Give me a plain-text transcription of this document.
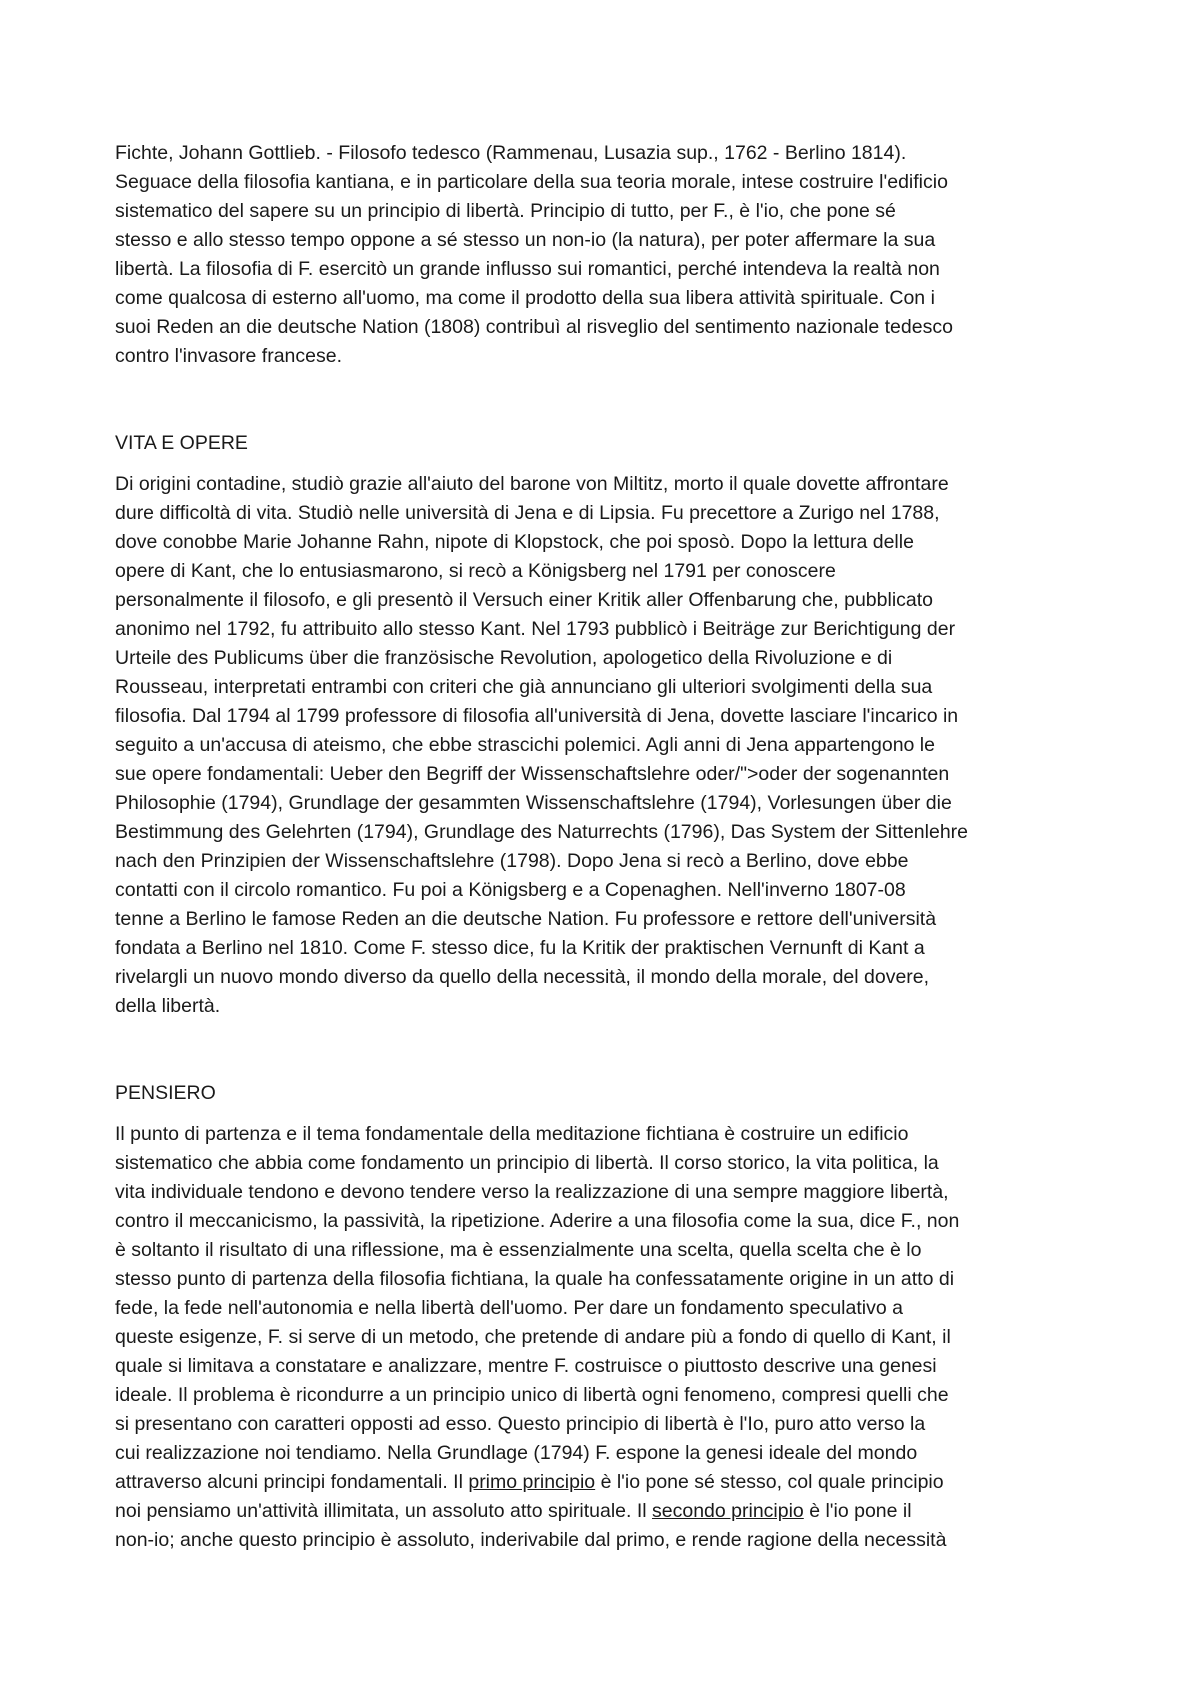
Fichte, Johann Gottlieb. - Filosofo tedesco (Rammenau, Lusazia sup., 1762 - Berlino 1814).
Seguace della filosofia kantiana, e in particolare della sua teoria morale, intese costruire l'edificio
sistematico del sapere su un principio di libertà. Principio di tutto, per F., è l'io, che pone sé
stesso e allo stesso tempo oppone a sé stesso un non-io (la natura), per poter affermare la sua
libertà. La filosofia di F. esercitò un grande influsso sui romantici, perché intendeva la realtà non
come qualcosa di esterno all'uomo, ma come il prodotto della sua libera attività spirituale. Con i
suoi Reden an die deutsche Nation (1808) contribuì al risveglio del sentimento nazionale tedesco
contro l'invasore francese.
VITA E OPERE
Di origini contadine, studiò grazie all'aiuto del barone von Miltitz, morto il quale dovette affrontare
dure difficoltà di vita. Studiò nelle università di Jena e di Lipsia. Fu precettore a Zurigo nel 1788,
dove conobbe Marie Johanne Rahn, nipote di Klopstock, che poi sposò. Dopo la lettura delle
opere di Kant, che lo entusiasmarono, si recò a Königsberg nel 1791 per conoscere
personalmente il filosofo, e gli presentò il Versuch einer Kritik aller Offenbarung che, pubblicato
anonimo nel 1792, fu attribuito allo stesso Kant. Nel 1793 pubblicò i Beiträge zur Berichtigung der
Urteile des Publicums über die französische Revolution, apologetico della Rivoluzione e di
Rousseau, interpretati entrambi con criteri che già annunciano gli ulteriori svolgimenti della sua
filosofia. Dal 1794 al 1799 professore di filosofia all'università di Jena, dovette lasciare l'incarico in
seguito a un'accusa di ateismo, che ebbe strascichi polemici. Agli anni di Jena appartengono le
sue opere fondamentali: Ueber den Begriff der Wissenschaftslehre oder/">oder der sogenannten
Philosophie (1794), Grundlage der gesammten Wissenschaftslehre (1794), Vorlesungen über die
Bestimmung des Gelehrten (1794), Grundlage des Naturrechts (1796), Das System der Sittenlehre
nach den Prinzipien der Wissenschaftslehre (1798). Dopo Jena si recò a Berlino, dove ebbe
contatti con il circolo romantico. Fu poi a Königsberg e a Copenaghen. Nell'inverno 1807-08
tenne a Berlino le famose Reden an die deutsche Nation. Fu professore e rettore dell'università
fondata a Berlino nel 1810. Come F. stesso dice, fu la Kritik der praktischen Vernunft di Kant a
rivelargli un nuovo mondo diverso da quello della necessità, il mondo della morale, del dovere,
della libertà.
PENSIERO
Il punto di partenza e il tema fondamentale della meditazione fichtiana è costruire un edificio
sistematico che abbia come fondamento un principio di libertà. Il corso storico, la vita politica, la
vita individuale tendono e devono tendere verso la realizzazione di una sempre maggiore libertà,
contro il meccanicismo, la passività, la ripetizione. Aderire a una filosofia come la sua, dice F., non
è soltanto il risultato di una riflessione, ma è essenzialmente una scelta, quella scelta che è lo
stesso punto di partenza della filosofia fichtiana, la quale ha confessatamente origine in un atto di
fede, la fede nell'autonomia e nella libertà dell'uomo. Per dare un fondamento speculativo a
queste esigenze, F. si serve di un metodo, che pretende di andare più a fondo di quello di Kant, il
quale si limitava a constatare e analizzare, mentre F. costruisce o piuttosto descrive una genesi
ideale. Il problema è ricondurre a un principio unico di libertà ogni fenomeno, compresi quelli che
si presentano con caratteri opposti ad esso. Questo principio di libertà è l'Io, puro atto verso la
cui realizzazione noi tendiamo. Nella Grundlage (1794) F. espone la genesi ideale del mondo
attraverso alcuni principi fondamentali. Il primo principio è l'io pone sé stesso, col quale principio
noi pensiamo un'attività illimitata, un assoluto atto spirituale. Il secondo principio è l'io pone il
non-io; anche questo principio è assoluto, inderivabile dal primo, e rende ragione della necessità
